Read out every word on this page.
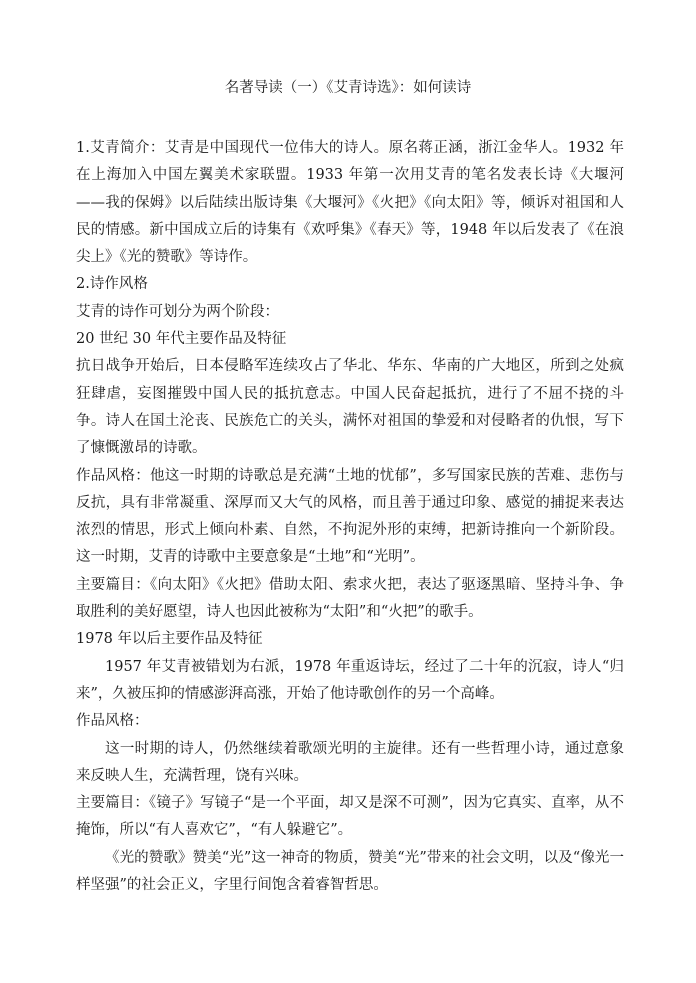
名著导读（一）《艾青诗选》：如何读诗

1.艾青简介：艾青是中国现代一位伟大的诗人。原名蒋正涵，浙江金华人。1932 年在上海加入中国左翼美术家联盟。1933 年第一次用艾青的笔名发表长诗《大堰河——我的保姆》以后陆续出版诗集《大堰河》《火把》《向太阳》等，倾诉对祖国和人民的情感。新中国成立后的诗集有《欢呼集》《春天》等，1948 年以后发表了《在浪尖上》《光的赞歌》等诗作。

2.诗作风格

艾青的诗作可划分为两个阶段：

20 世纪 30 年代主要作品及特征

抗日战争开始后，日本侵略军连续攻占了华北、华东、华南的广大地区，所到之处疯狂肆虐，妄图摧毁中国人民的抵抗意志。中国人民奋起抵抗，进行了不屈不挠的斗争。诗人在国土沦丧、民族危亡的关头，满怀对祖国的挚爱和对侵略者的仇恨，写下了慷慨激昂的诗歌。

作品风格：他这一时期的诗歌总是充满“土地的忧郁”，多写国家民族的苦难、悲伤与反抗，具有非常凝重、深厚而又大气的风格，而且善于通过印象、感觉的捕捉来表达浓烈的情思，形式上倾向朴素、自然，不拘泥外形的束缚，把新诗推向一个新阶段。这一时期，艾青的诗歌中主要意象是“土地”和“光明”。

主要篇目：《向太阳》《火把》借助太阳、索求火把，表达了驱逐黑暗、坚持斗争、争取胜利的美好愿望，诗人也因此被称为“太阳”和“火把”的歌手。

1978 年以后主要作品及特征

1957 年艾青被错划为右派，1978 年重返诗坛，经过了二十年的沉寂，诗人“归来”，久被压抑的情感澎湃高涨，开始了他诗歌创作的另一个高峰。

作品风格：

这一时期的诗人，仍然继续着歌颂光明的主旋律。还有一些哲理小诗，通过意象来反映人生，充满哲理，饶有兴味。

主要篇目：《镜子》写镜子“是一个平面，却又是深不可测”，因为它真实、直率，从不掩饰，所以“有人喜欢它”，“有人躲避它”。

《光的赞歌》赞美“光”这一神奇的物质，赞美“光”带来的社会文明，以及“像光一样坚强”的社会正义，字里行间饱含着睿智哲思。
